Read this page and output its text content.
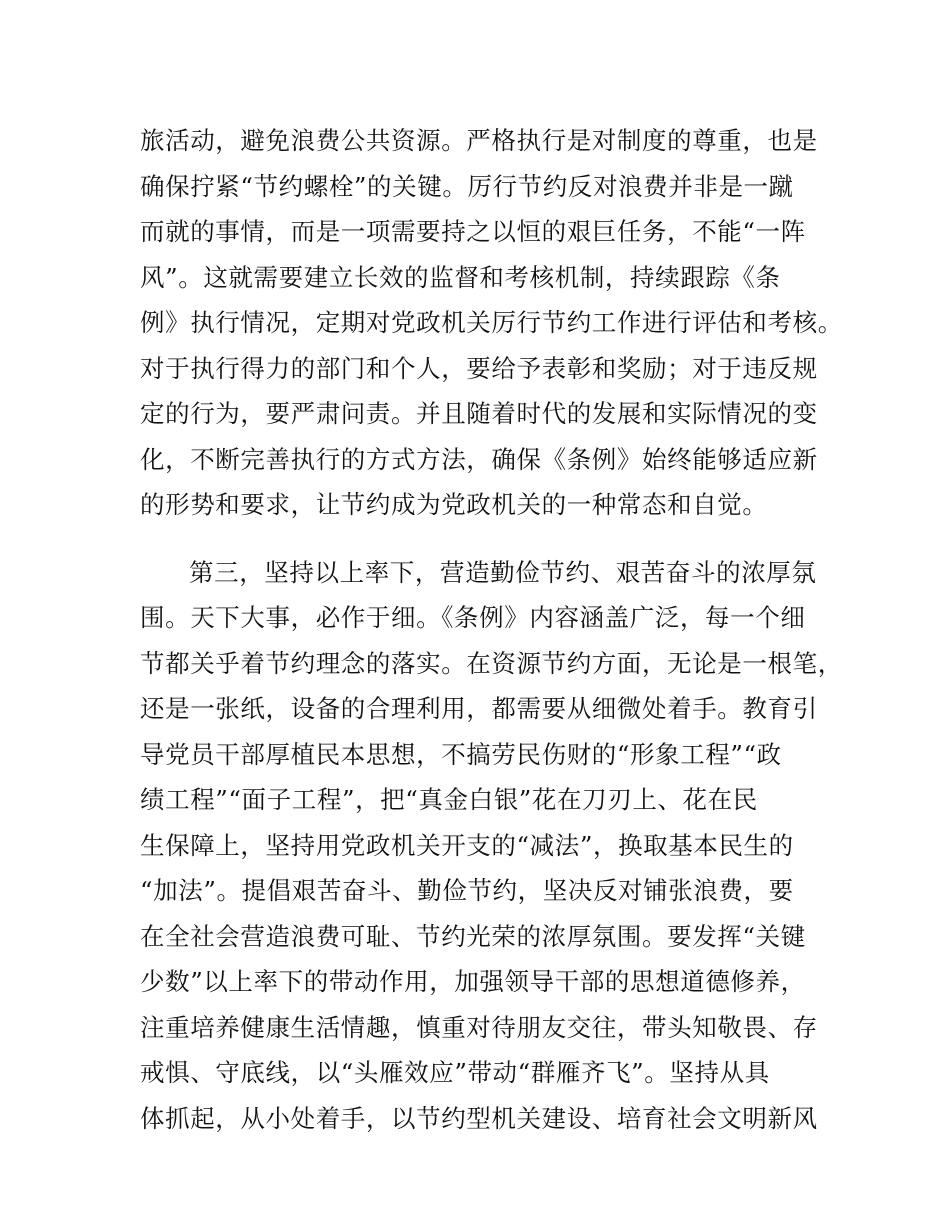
旅活动，避免浪费公共资源。严格执行是对制度的尊重，也是
确保拧紧“节约螺栓”的关键。厉行节约反对浪费并非是一蹴
而就的事情，而是一项需要持之以恒的艰巨任务，不能“一阵
风”。这就需要建立长效的监督和考核机制，持续跟踪《条
例》执行情况，定期对党政机关厉行节约工作进行评估和考核。
对于执行得力的部门和个人，要给予表彰和奖励；对于违反规
定的行为，要严肃问责。并且随着时代的发展和实际情况的变
化，不断完善执行的方式方法，确保《条例》始终能够适应新
的形势和要求，让节约成为党政机关的一种常态和自觉。
第三，坚持以上率下，营造勤俭节约、艰苦奋斗的浓厚氛
围。天下大事，必作于细。《条例》内容涵盖广泛，每一个细
节都关乎着节约理念的落实。在资源节约方面，无论是一根笔，
还是一张纸，设备的合理利用，都需要从细微处着手。教育引
导党员干部厚植民本思想，不搞劳民伤财的“形象工程”“政
绩工程”“面子工程”，把“真金白银”花在刀刃上、花在民
生保障上，坚持用党政机关开支的“减法”，换取基本民生的
“加法”。提倡艰苦奋斗、勤俭节约，坚决反对铺张浪费，要
在全社会营造浪费可耻、节约光荣的浓厚氛围。要发挥“关键
少数”以上率下的带动作用，加强领导干部的思想道德修养，
注重培养健康生活情趣，慎重对待朋友交往，带头知敬畏、存
戒惧、守底线，以“头雁效应”带动“群雁齐飞”。坚持从具
体抓起，从小处着手，以节约型机关建设、培育社会文明新风
